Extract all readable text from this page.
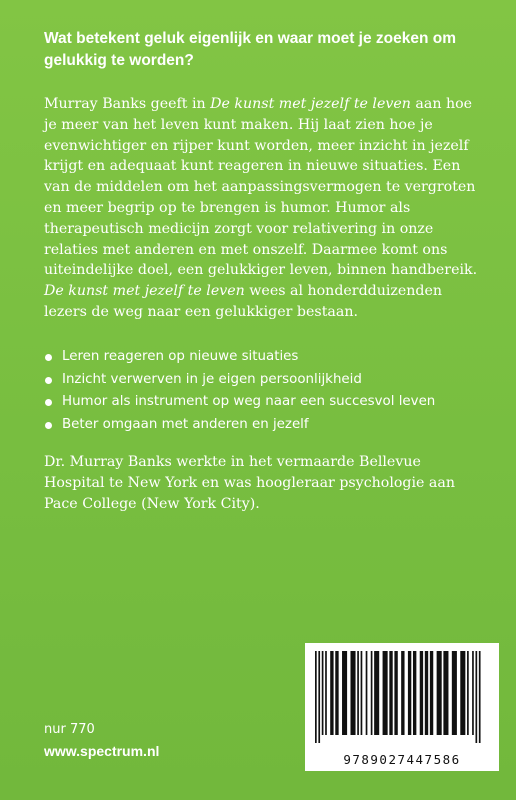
Wat betekent geluk eigenlijk en waar moet je zoeken om gelukkig te worden?

Murray Banks geeft in De kunst met jezelf te leven aan hoe je meer van het leven kunt maken. Hij laat zien hoe je evenwichtiger en rijper kunt worden, meer inzicht in jezelf krijgt en adequaat kunt reageren in nieuwe situaties. Een van de middelen om het aanpassingsvermogen te vergroten en meer begrip op te brengen is humor. Humor als therapeutisch medicijn zorgt voor relativering in onze relaties met anderen en met onszelf. Daarmee komt ons uiteindelijke doel, een gelukkiger leven, binnen handbereik.
De kunst met jezelf te leven wees al honderdduizenden lezers de weg naar een gelukkiger bestaan.

Leren reageren op nieuwe situaties
Inzicht verwerven in je eigen persoonlijkheid
Humor als instrument op weg naar een succesvol leven
Beter omgaan met anderen en jezelf

Dr. Murray Banks werkte in het vermaarde Bellevue Hospital te New York en was hoogleraar psychologie aan Pace College (New York City).

nur 770
www.spectrum.nl
9789027447586
